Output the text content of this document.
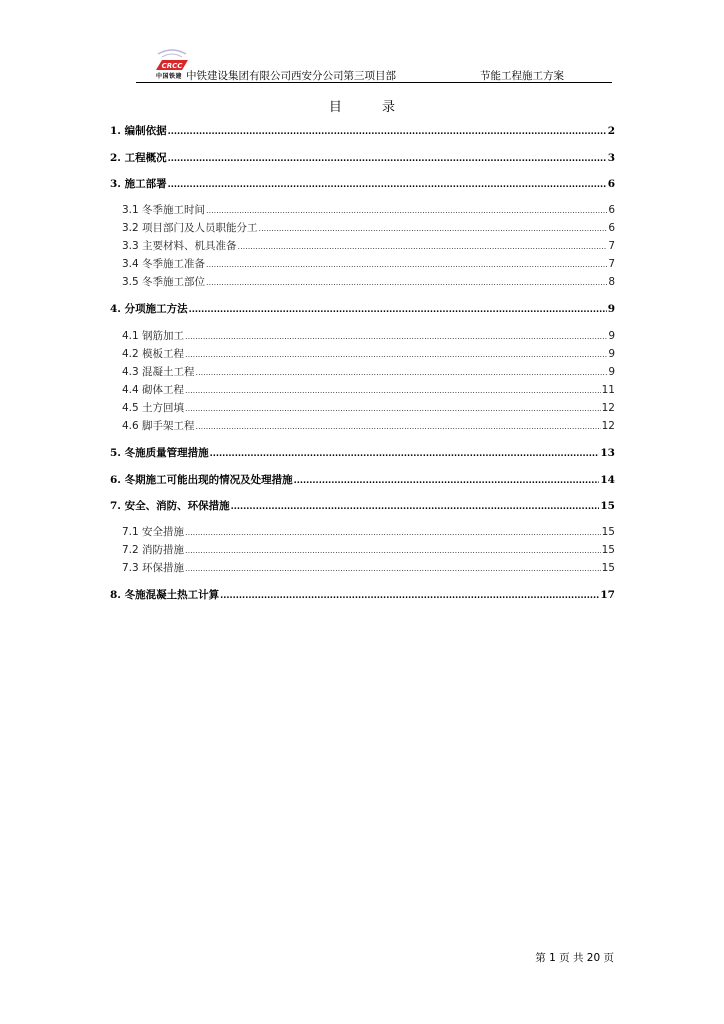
CRCC
中国铁建 中铁建设集团有限公司西安分公司第三项目部	节能工程施工方案
目 录
1. 编制依据 .....	2
2. 工程概况 .....	3
3. 施工部署 .....	6
3.1 冬季施工时间 .....	6
3.2 项目部门及人员职能分工 .....	6
3.3 主要材料、机具准备 .....	7
3.4 冬季施工准备 .....	7
3.5 冬季施工部位 .....	8
4. 分项施工方法 .....	9
4.1 钢筋加工 .....	9
4.2 模板工程 .....	9
4.3 混凝土工程 .....	9
4.4 砌体工程 .....	11
4.5 土方回填 .....	12
4.6 脚手架工程 .....	12
5. 冬施质量管理措施 .....	13
6. 冬期施工可能出现的情况及处理措施 .....	14
7. 安全、消防、环保措施 .....	15
7.1 安全措施 .....	15
7.2 消防措施 .....	15
7.3 环保措施 .....	15
8. 冬施混凝土热工计算 .....	17
第 1 页 共 20 页
